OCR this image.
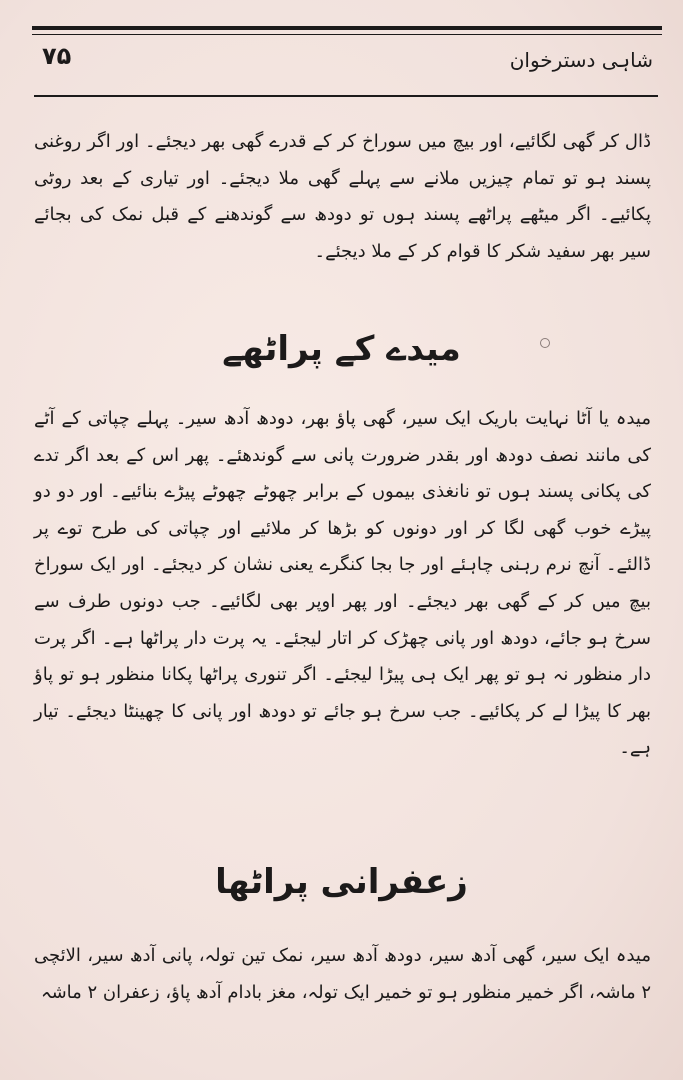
۷۵	شاہی دسترخوان

ڈال کر گھی لگائیے، اور بیچ میں سوراخ کر کے قدرے گھی بھر دیجئے۔ اور اگر روغنی پسند ہو تو تمام چیزیں ملانے سے پہلے گھی ملا دیجئے۔ اور تیاری کے بعد روٹی پکائیے۔ اگر میٹھے پراٹھے پسند ہوں تو دودھ سے گوندھنے کے قبل نمک کی بجائے سیر بھر سفید شکر کا قوام کر کے ملا دیجئے۔

میدے کے پراٹھے

میدہ یا آٹا نہایت باریک ایک سیر، گھی پاؤ بھر، دودھ آدھ سیر۔ پہلے چپاتی کے آٹے کی مانند نصف دودھ اور بقدر ضرورت پانی سے گوندھئے۔ پھر اس کے بعد اگر تدے کی پکانی پسند ہوں تو نانغذی بیموں کے برابر چھوٹے چھوٹے پیڑے بنائیے۔ اور دو دو پیڑے خوب گھی لگا کر اور دونوں کو بڑھا کر ملائیے اور چپاتی کی طرح توے پر ڈالئے۔ آنچ نرم رہنی چاہئے اور جا بجا کنگرے یعنی نشان کر دیجئے۔ اور ایک سوراخ بیچ میں کر کے گھی بھر دیجئے۔ اور پھر اوپر بھی لگائیے۔ جب دونوں طرف سے سرخ ہو جائے، دودھ اور پانی چھڑک کر اتار لیجئے۔ یہ پرت دار پراٹھا ہے۔ اگر پرت دار منظور نہ ہو تو پھر ایک ہی پیڑا لیجئے۔ اگر تنوری پراٹھا پکانا منظور ہو تو پاؤ بھر کا پیڑا لے کر پکائیے۔ جب سرخ ہو جائے تو دودھ اور پانی کا چھینٹا دیجئے۔ تیار ہے۔

زعفرانی پراٹھا

میدہ ایک سیر، گھی آدھ سیر، دودھ آدھ سیر، نمک تین تولہ، پانی آدھ سیر، الائچی ۲ ماشہ، اگر خمیر منظور ہو تو خمیر ایک تولہ، مغز بادام آدھ پاؤ، زعفران ۲ ماشہ
